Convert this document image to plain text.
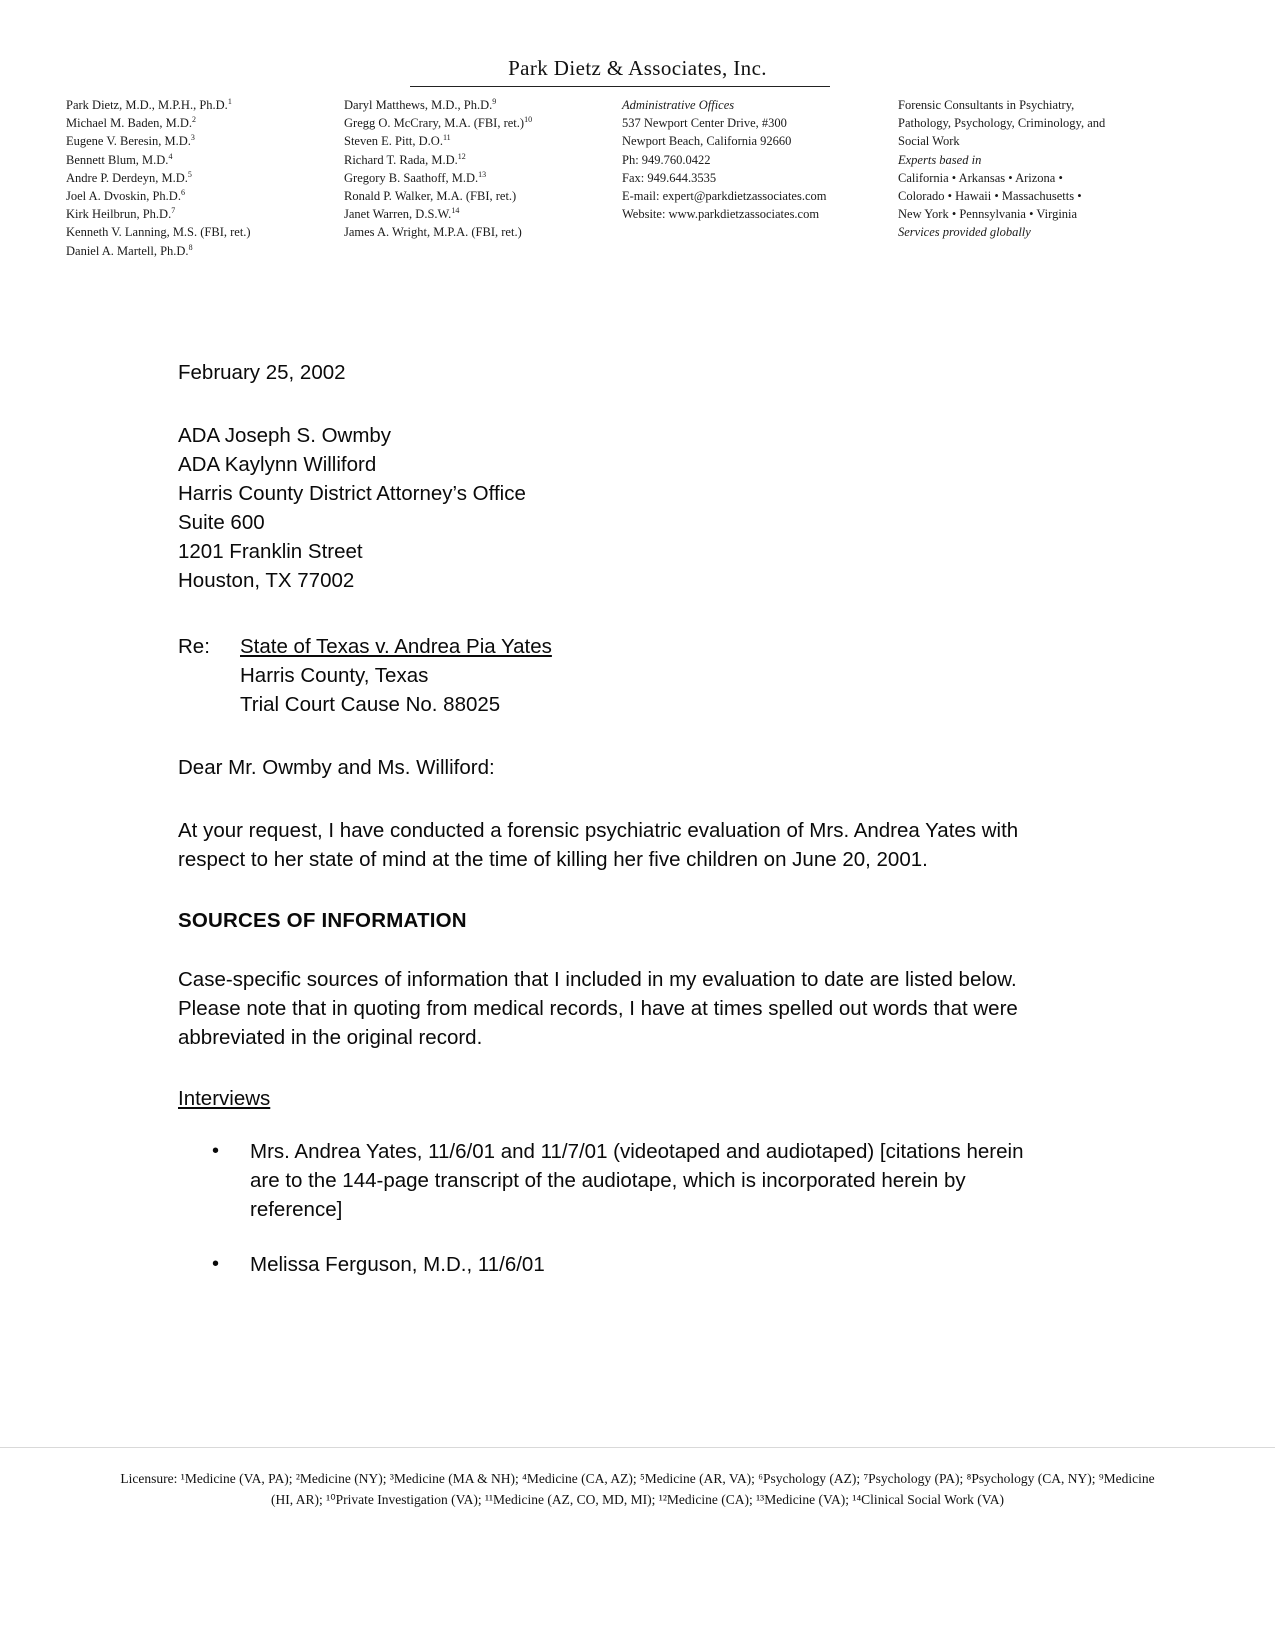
Park Dietz & Associates, Inc.
Park Dietz, M.D., M.P.H., Ph.D.$^1$
Michael M. Baden, M.D.$^2$
Eugene V. Beresin, M.D.$^3$
Bennett Blum, M.D.$^4$
Andre P. Derdeyn, M.D.$^5$
Joel A. Dvoskin, Ph.D.$^6$
Kirk Heilbrun, Ph.D.$^7$
Kenneth V. Lanning, M.S. (FBI, ret.)
Daniel A. Martell, Ph.D.$^8$
Daryl Matthews, M.D., Ph.D.$^9$
Gregg O. McCrary, M.A. (FBI, ret.)$^{10}$
Steven E. Pitt, D.O.$^{11}$
Richard T. Rada, M.D.$^{12}$
Gregory B. Saathoff, M.D.$^{13}$
Ronald P. Walker, M.A. (FBI, ret.)
Janet Warren, D.S.W.$^{14}$
James A. Wright, M.P.A. (FBI, ret.)
Administrative Offices
537 Newport Center Drive, #300
Newport Beach, California 92660
Ph: 949.760.0422
Fax: 949.644.3535
E-mail: expert@parkdietzassociates.com
Website: www.parkdietzassociates.com
Forensic Consultants in Psychiatry,
Pathology, Psychology, Criminology, and
Social Work
Experts based in
California • Arkansas • Arizona •
Colorado • Hawaii • Massachusetts •
New York • Pennsylvania • Virginia
Services provided globally
February 25, 2002
ADA Joseph S. Owmby
ADA Kaylynn Williford
Harris County District Attorney’s Office
Suite 600
1201 Franklin Street
Houston, TX 77002
Re:	State of Texas v. Andrea Pia Yates
Harris County, Texas
Trial Court Cause No. 88025
Dear Mr. Owmby and Ms. Williford:
At your request, I have conducted a forensic psychiatric evaluation of Mrs. Andrea Yates with respect to her state of mind at the time of killing her five children on June 20, 2001.
SOURCES OF INFORMATION
Case-specific sources of information that I included in my evaluation to date are listed below. Please note that in quoting from medical records, I have at times spelled out words that were abbreviated in the original record.
Interviews
• Mrs. Andrea Yates, 11/6/01 and 11/7/01 (videotaped and audiotaped) [citations herein are to the 144-page transcript of the audiotape, which is incorporated herein by reference]
• Melissa Ferguson, M.D., 11/6/01
Licensure: ¹Medicine (VA, PA); ²Medicine (NY); ³Medicine (MA & NH); ⁴Medicine (CA, AZ); ⁵Medicine (AR, VA); ⁶Psychology (AZ); ⁷Psychology (PA); ⁸Psychology (CA, NY); ⁹Medicine
(HI, AR); ¹⁰Private Investigation (VA); ¹¹Medicine (AZ, CO, MD, MI); ¹²Medicine (CA); ¹³Medicine (VA); ¹⁴Clinical Social Work (VA)
